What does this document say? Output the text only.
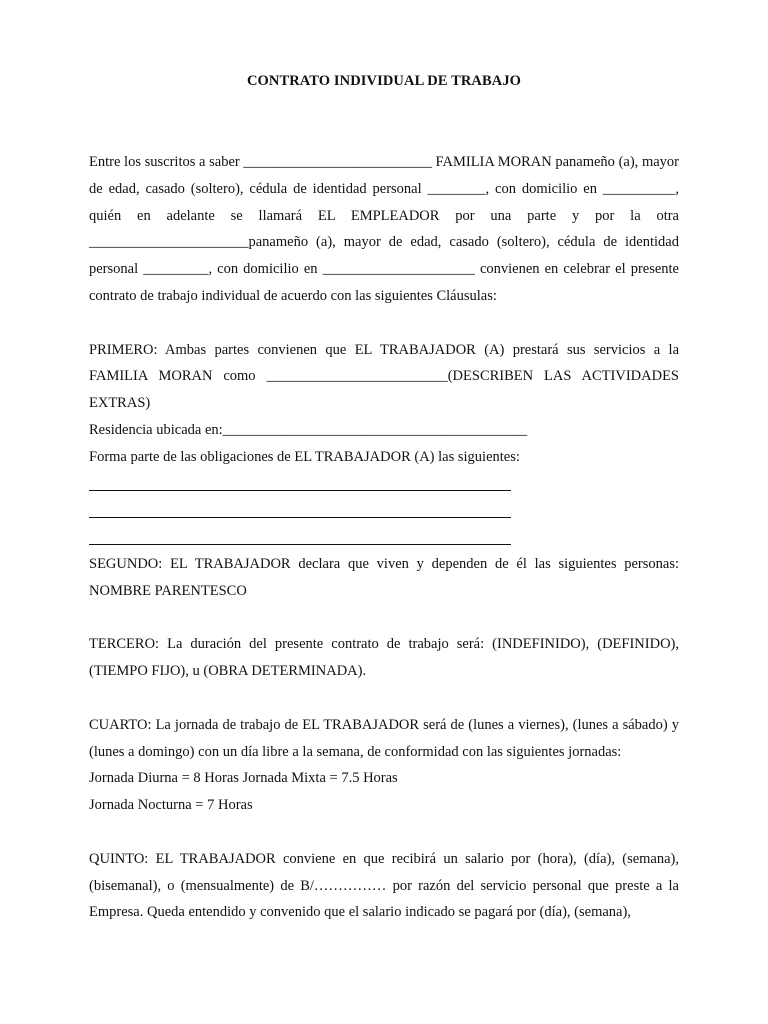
CONTRATO INDIVIDUAL DE TRABAJO

Entre los suscritos a saber __________________________ FAMILIA MORAN panameño (a), mayor de edad, casado (soltero), cédula de identidad personal ________, con domicilio en __________, quién en adelante se llamará EL EMPLEADOR por una parte y por la otra ______________________panameño (a), mayor de edad, casado (soltero), cédula de identidad personal _________, con domicilio en _____________________ convienen en celebrar el presente contrato de trabajo individual de acuerdo con las siguientes Cláusulas:

PRIMERO: Ambas partes convienen que EL TRABAJADOR (A) prestará sus servicios a la FAMILIA MORAN como _________________________(DESCRIBEN LAS ACTIVIDADES EXTRAS)

Residencia ubicada en:__________________________________________

Forma parte de las obligaciones de EL TRABAJADOR (A) las siguientes:

SEGUNDO: EL TRABAJADOR declara que viven y dependen de él las siguientes personas: NOMBRE PARENTESCO

TERCERO: La duración del presente contrato de trabajo será: (INDEFINIDO), (DEFINIDO), (TIEMPO FIJO), u (OBRA DETERMINADA).

CUARTO: La jornada de trabajo de EL TRABAJADOR será de (lunes a viernes), (lunes a sábado) y (lunes a domingo) con un día libre a la semana, de conformidad con las siguientes jornadas:

Jornada Diurna = 8 Horas Jornada Mixta = 7.5 Horas

Jornada Nocturna = 7 Horas

QUINTO: EL TRABAJADOR conviene en que recibirá un salario por (hora), (día), (semana), (bisemanal), o (mensualmente) de B/…………… por razón del servicio personal que preste a la Empresa. Queda entendido y convenido que el salario indicado se pagará por (día), (semana),
